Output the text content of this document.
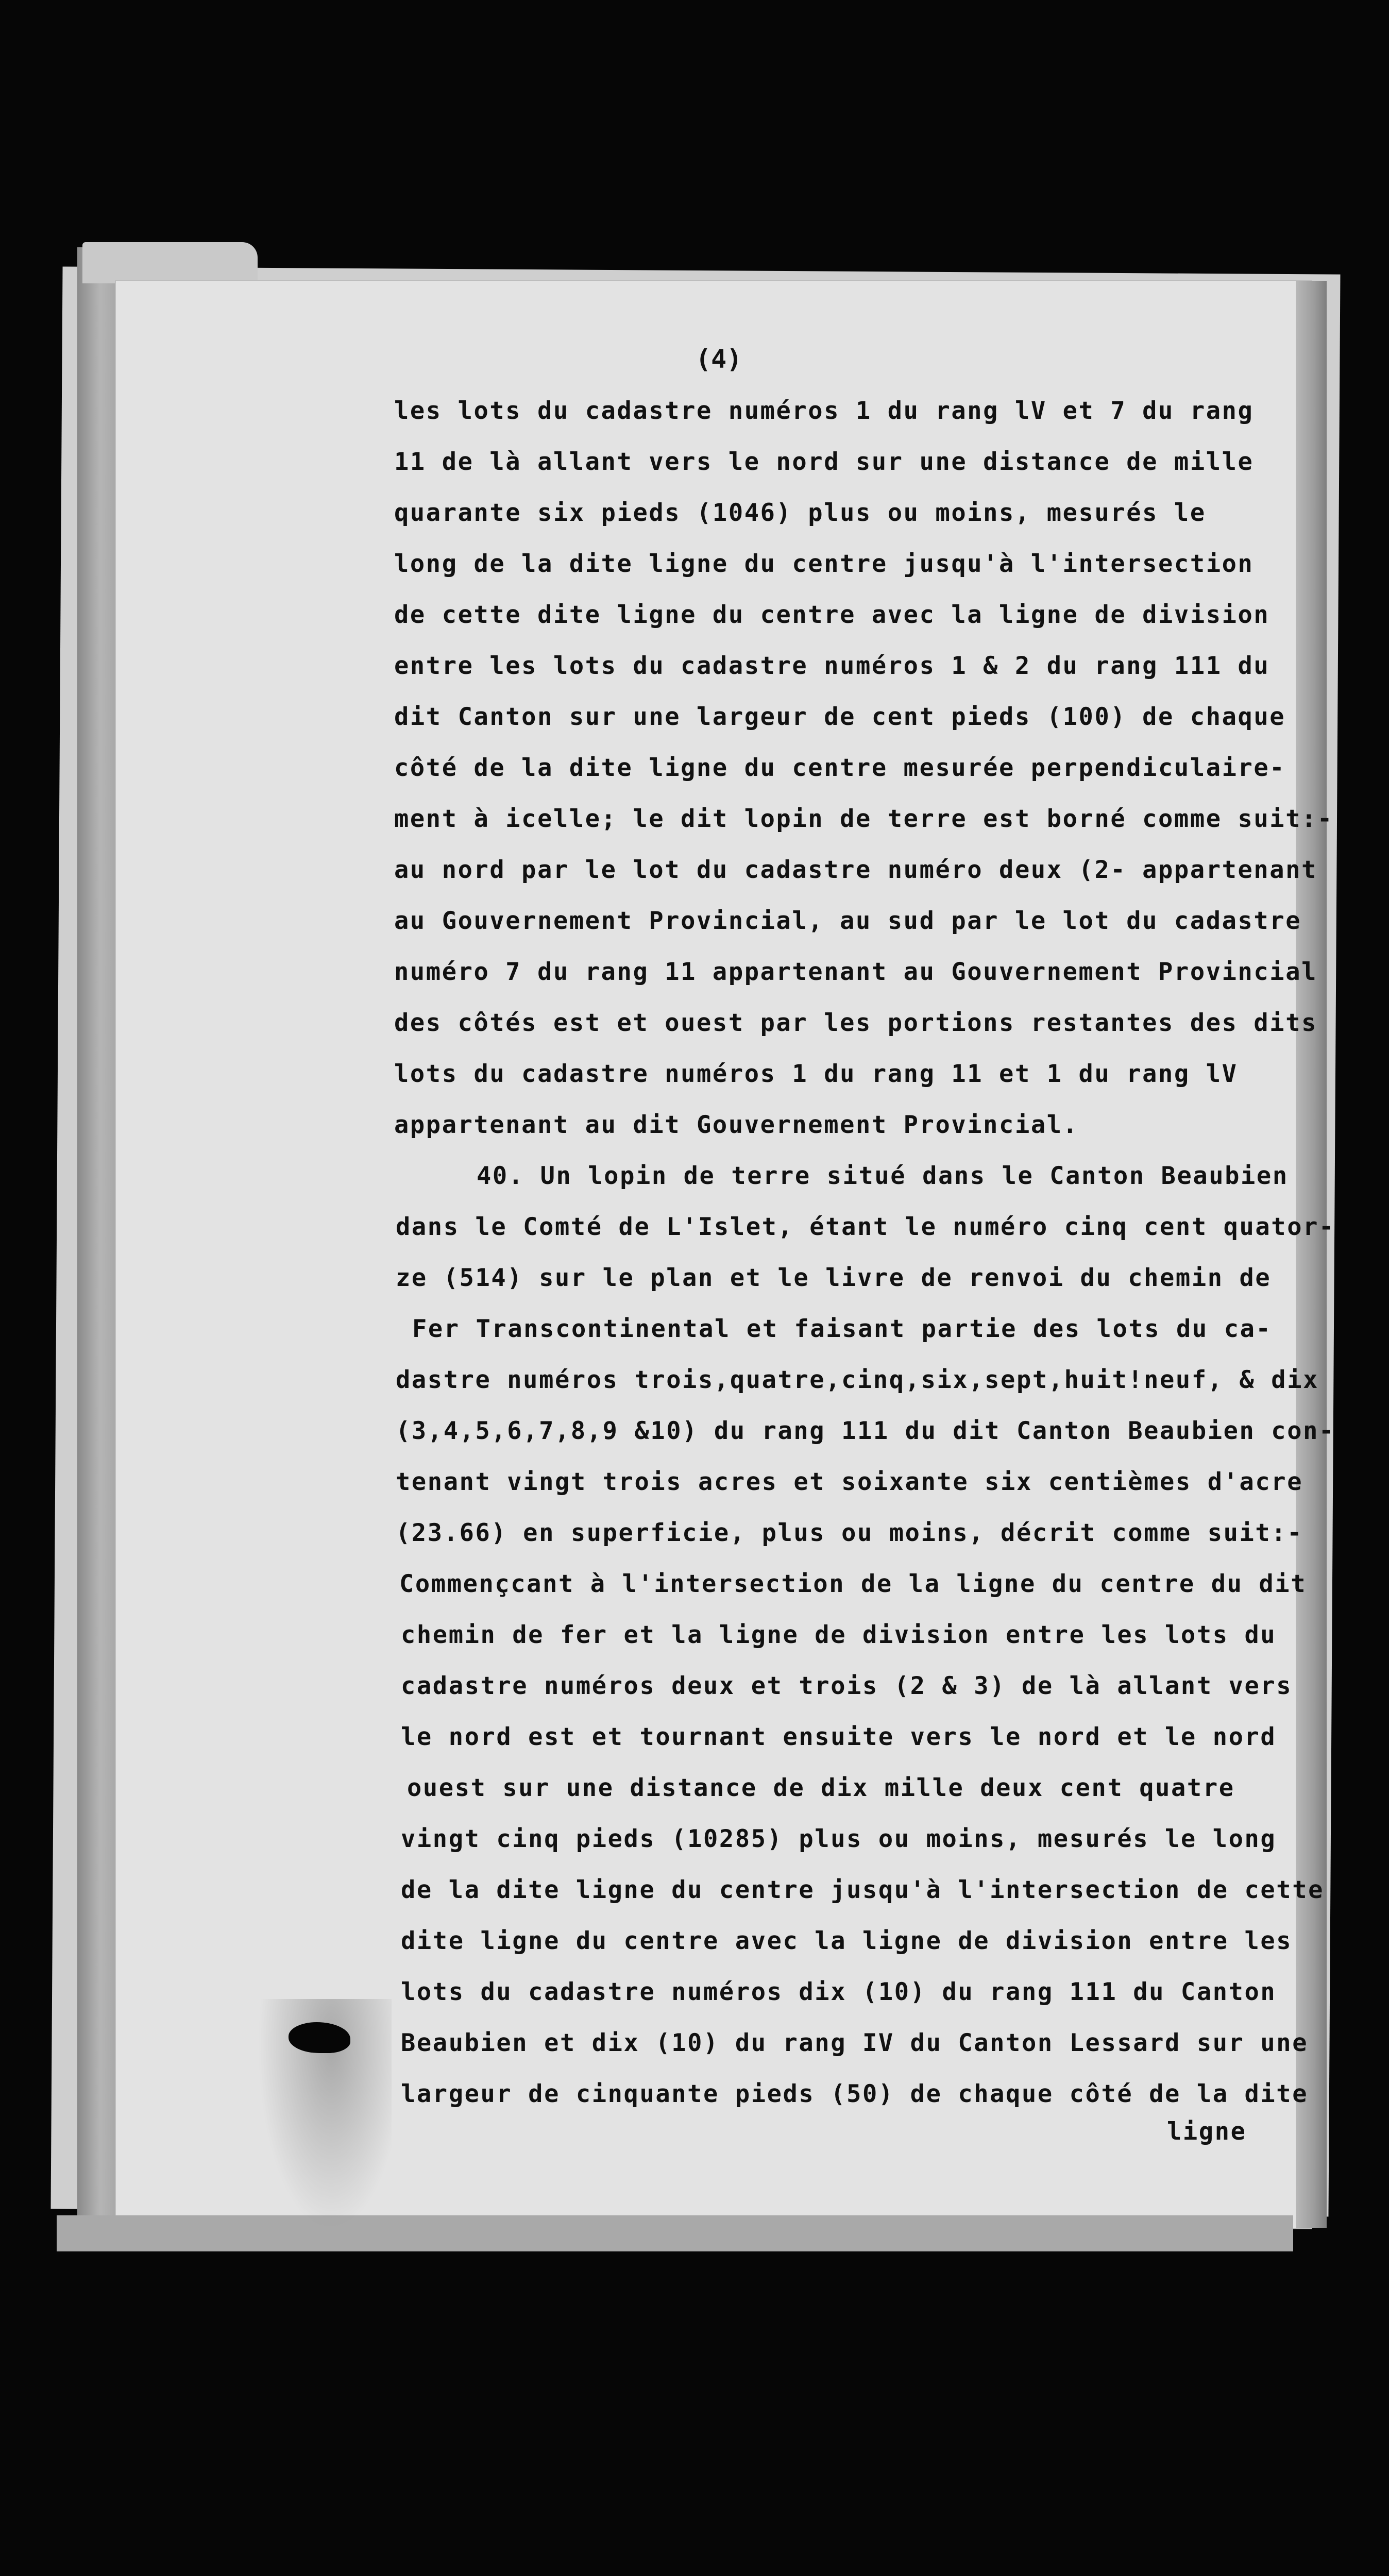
(4)
les lots du cadastre numéros 1 du rang lV et 7 du rang
11 de là allant vers le nord sur une distance de mille
quarante six pieds (1046) plus ou moins, mesurés le
long de la dite ligne du centre jusqu'à l'intersection
de cette dite ligne du centre avec la ligne de division
entre les lots du cadastre numéros 1 & 2 du rang 111 du
dit Canton sur une largeur de cent pieds (100) de chaque
côté de la dite ligne du centre mesurée perpendiculaire-
ment à icelle; le dit lopin de terre est borné comme suit:-
au nord par le lot du cadastre numéro deux (2- appartenant
au Gouvernement Provincial, au sud par le lot du cadastre
numéro 7 du rang 11 appartenant au Gouvernement Provincial
des côtés est et ouest par les portions restantes des dits
lots du cadastre numéros 1 du rang 11 et 1 du rang lV
appartenant au dit Gouvernement Provincial.
40. Un lopin de terre situé dans le Canton Beaubien
dans le Comté de L'Islet, étant le numéro cinq cent quator-
ze (514) sur le plan et le livre de renvoi du chemin de
Fer Transcontinental et faisant partie des lots du ca-
dastre numéros trois,quatre,cinq,six,sept,huit!neuf, & dix
(3,4,5,6,7,8,9 &10) du rang 111 du dit Canton Beaubien con-
tenant vingt trois acres et soixante six centièmes d'acre
(23.66) en superficie, plus ou moins, décrit comme suit:-
Commençcant à l'intersection de la ligne du centre du dit
chemin de fer et la ligne de division entre les lots du
cadastre numéros deux et trois (2 & 3) de là allant vers
le nord est et tournant ensuite vers le nord et le nord
ouest sur une distance de dix mille deux cent quatre
vingt cinq pieds (10285) plus ou moins, mesurés le long
de la dite ligne du centre jusqu'à l'intersection de cette
dite ligne du centre avec la ligne de division entre les
lots du cadastre numéros dix (10) du rang 111 du Canton
Beaubien et dix (10) du rang IV du Canton Lessard sur une
largeur de cinquante pieds (50) de chaque côté de la dite
ligne
